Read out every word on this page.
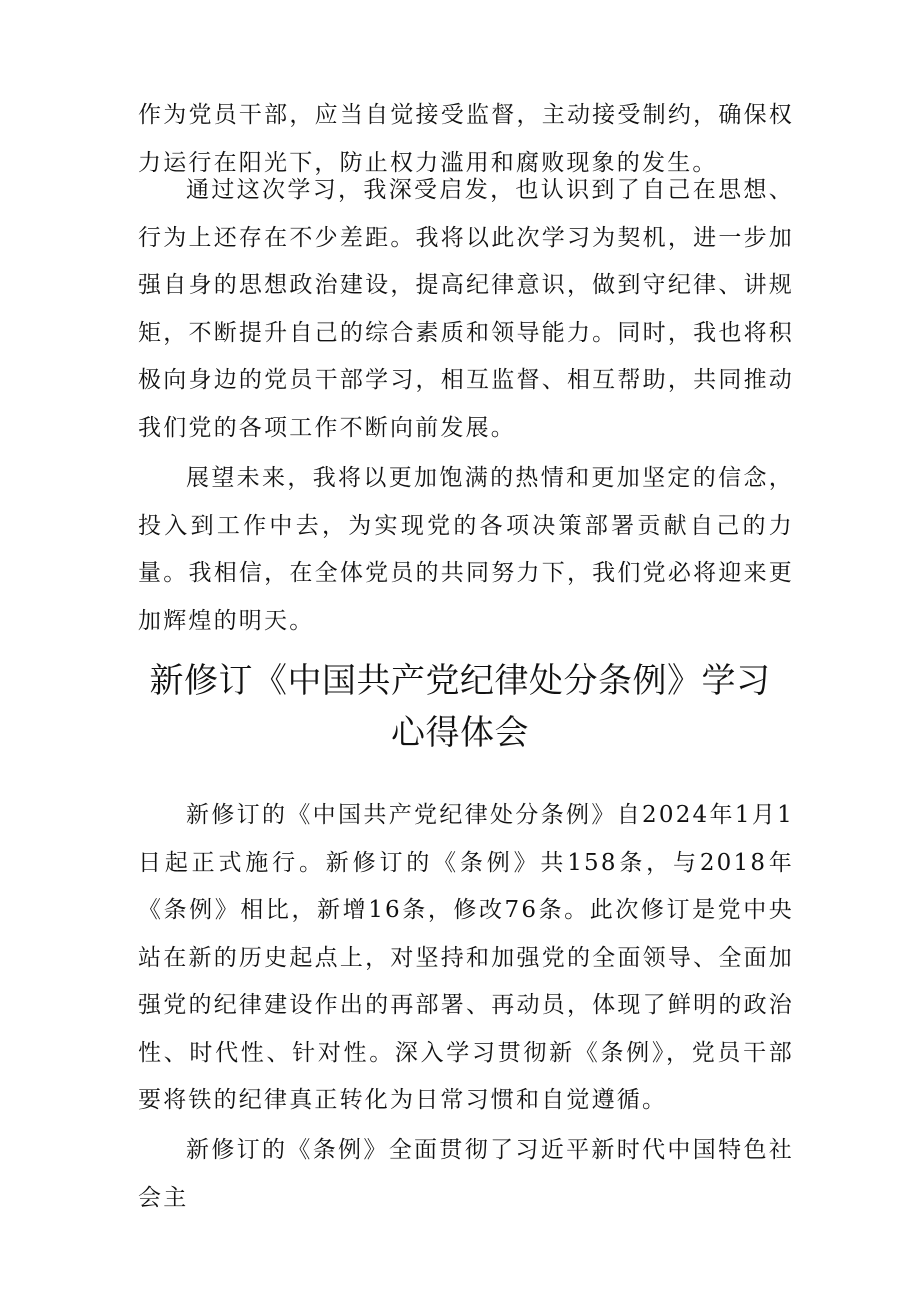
作为党员干部，应当自觉接受监督，主动接受制约，确保权力运行在阳光下，防止权力滥用和腐败现象的发生。

通过这次学习，我深受启发，也认识到了自己在思想、行为上还存在不少差距。我将以此次学习为契机，进一步加强自身的思想政治建设，提高纪律意识，做到守纪律、讲规矩，不断提升自己的综合素质和领导能力。同时，我也将积极向身边的党员干部学习，相互监督、相互帮助，共同推动我们党的各项工作不断向前发展。

展望未来，我将以更加饱满的热情和更加坚定的信念，投入到工作中去，为实现党的各项决策部署贡献自己的力量。我相信，在全体党员的共同努力下，我们党必将迎来更加辉煌的明天。

新修订《中国共产党纪律处分条例》学习
心得体会

新修订的《中国共产党纪律处分条例》自2024年1月1日起正式施行。新修订的《条例》共158条，与2018年《条例》相比，新增16条，修改76条。此次修订是党中央站在新的历史起点上，对坚持和加强党的全面领导、全面加强党的纪律建设作出的再部署、再动员，体现了鲜明的政治性、时代性、针对性。深入学习贯彻新《条例》，党员干部要将铁的纪律真正转化为日常习惯和自觉遵循。

新修订的《条例》全面贯彻了习近平新时代中国特色社会主
